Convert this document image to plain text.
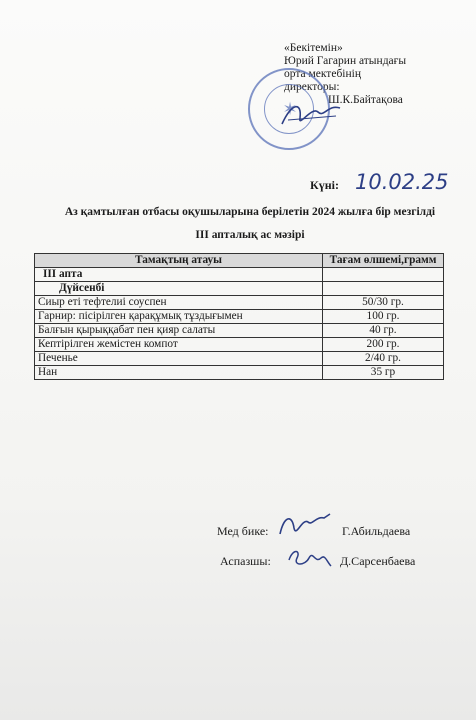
«Бекітемін»
Юрий Гагарин атындағы
орта мектебінің
директоры:
Ш.К.Байтақова
✶
Күні: 10.02.25
Аз қамтылған отбасы оқушыларына берілетін 2024 жылға бір мезгілді
III апталық ас мәзірі
Тамақтың атауы	Тағам өлшемі,грамм
III апта	
Дүйсенбі	
Сиыр еті тефтелиі соуспен	50/30 гр.
Гарнир: пісірілген қарақұмық тұздығымен	100 гр.
Балғын қырыққабат пен қияр салаты	40 гр.
Кептірілген жемістен компот	200 гр.
Печенье	2/40 гр.
Нан	35 гр
Мед бике:	Г.Абильдаева
Аспазшы:	Д.Сарсенбаева
